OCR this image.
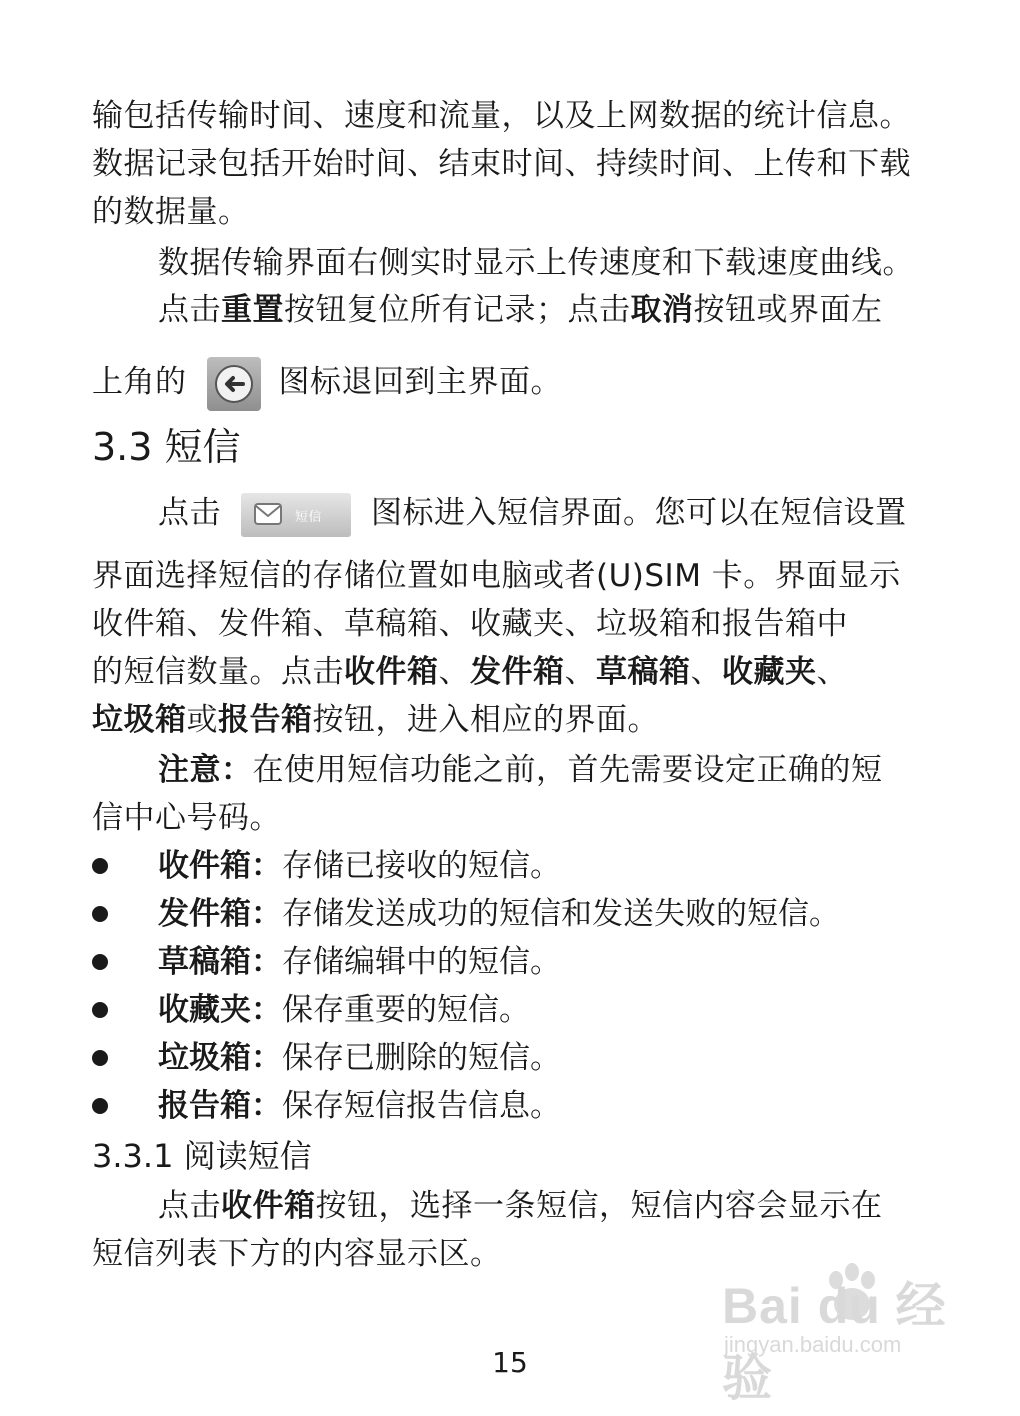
输包括传输时间、速度和流量，以及上网数据的统计信息。
数据记录包括开始时间、结束时间、持续时间、上传和下载
的数据量。
数据传输界面右侧实时显示上传速度和下载速度曲线。
点击重置按钮复位所有记录；点击取消按钮或界面左
上角的	图标退回到主界面。
3.3 短信
点击	短信 图标进入短信界面。您可以在短信设置
界面选择短信的存储位置如电脑或者(U)SIM 卡。界面显示
收件箱、发件箱、草稿箱、收藏夹、垃圾箱和报告箱中
的短信数量。点击收件箱、发件箱、草稿箱、收藏夹、
垃圾箱或报告箱按钮，进入相应的界面。
注意：在使用短信功能之前，首先需要设定正确的短
信中心号码。
收件箱：存储已接收的短信。
发件箱：存储发送成功的短信和发送失败的短信。
草稿箱：存储编辑中的短信。
收藏夹：保存重要的短信。
垃圾箱：保存已删除的短信。
报告箱：保存短信报告信息。
3.3.1 阅读短信
点击收件箱按钮，选择一条短信，短信内容会显示在
短信列表下方的内容显示区。
Bai du 经验
jingyan.baidu.com
15
